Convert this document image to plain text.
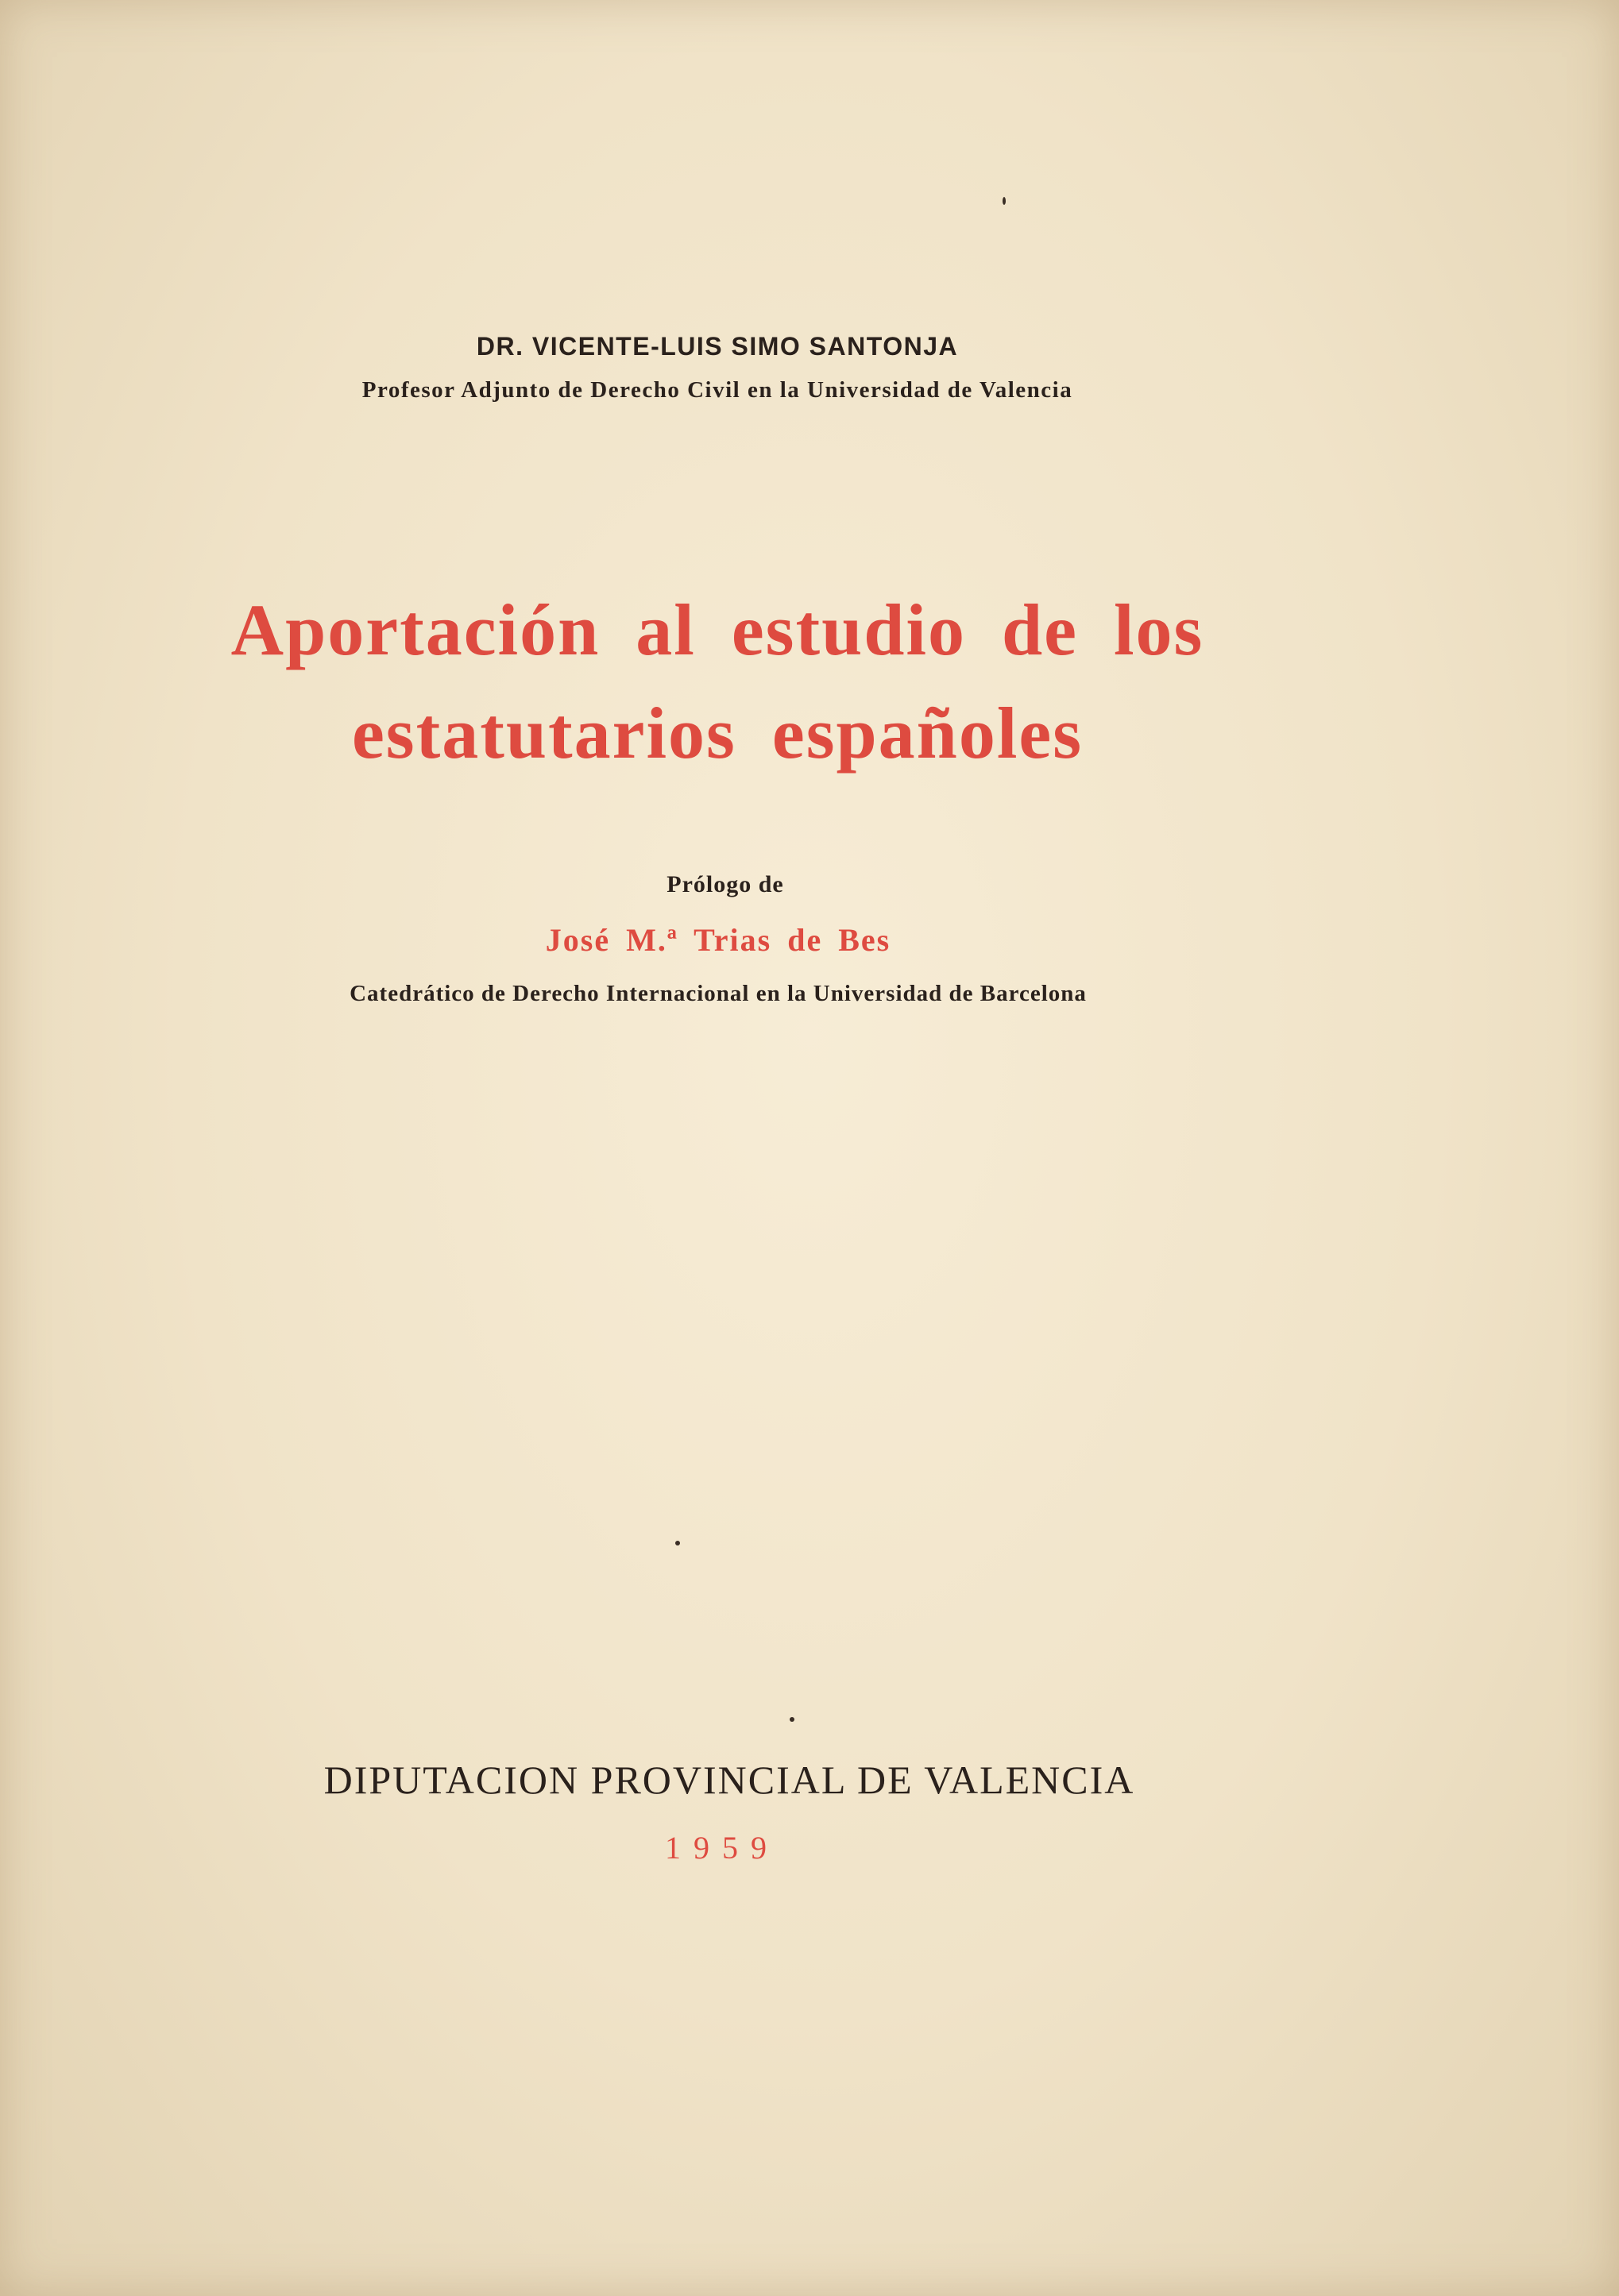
DR. VICENTE-LUIS SIMO SANTONJA
Profesor Adjunto de Derecho Civil en la Universidad de Valencia
Aportación al estudio de los
estatutarios españoles
Prólogo de
José M.ª Trias de Bes
Catedrático de Derecho Internacional en la Universidad de Barcelona
DIPUTACION PROVINCIAL DE VALENCIA
1959
